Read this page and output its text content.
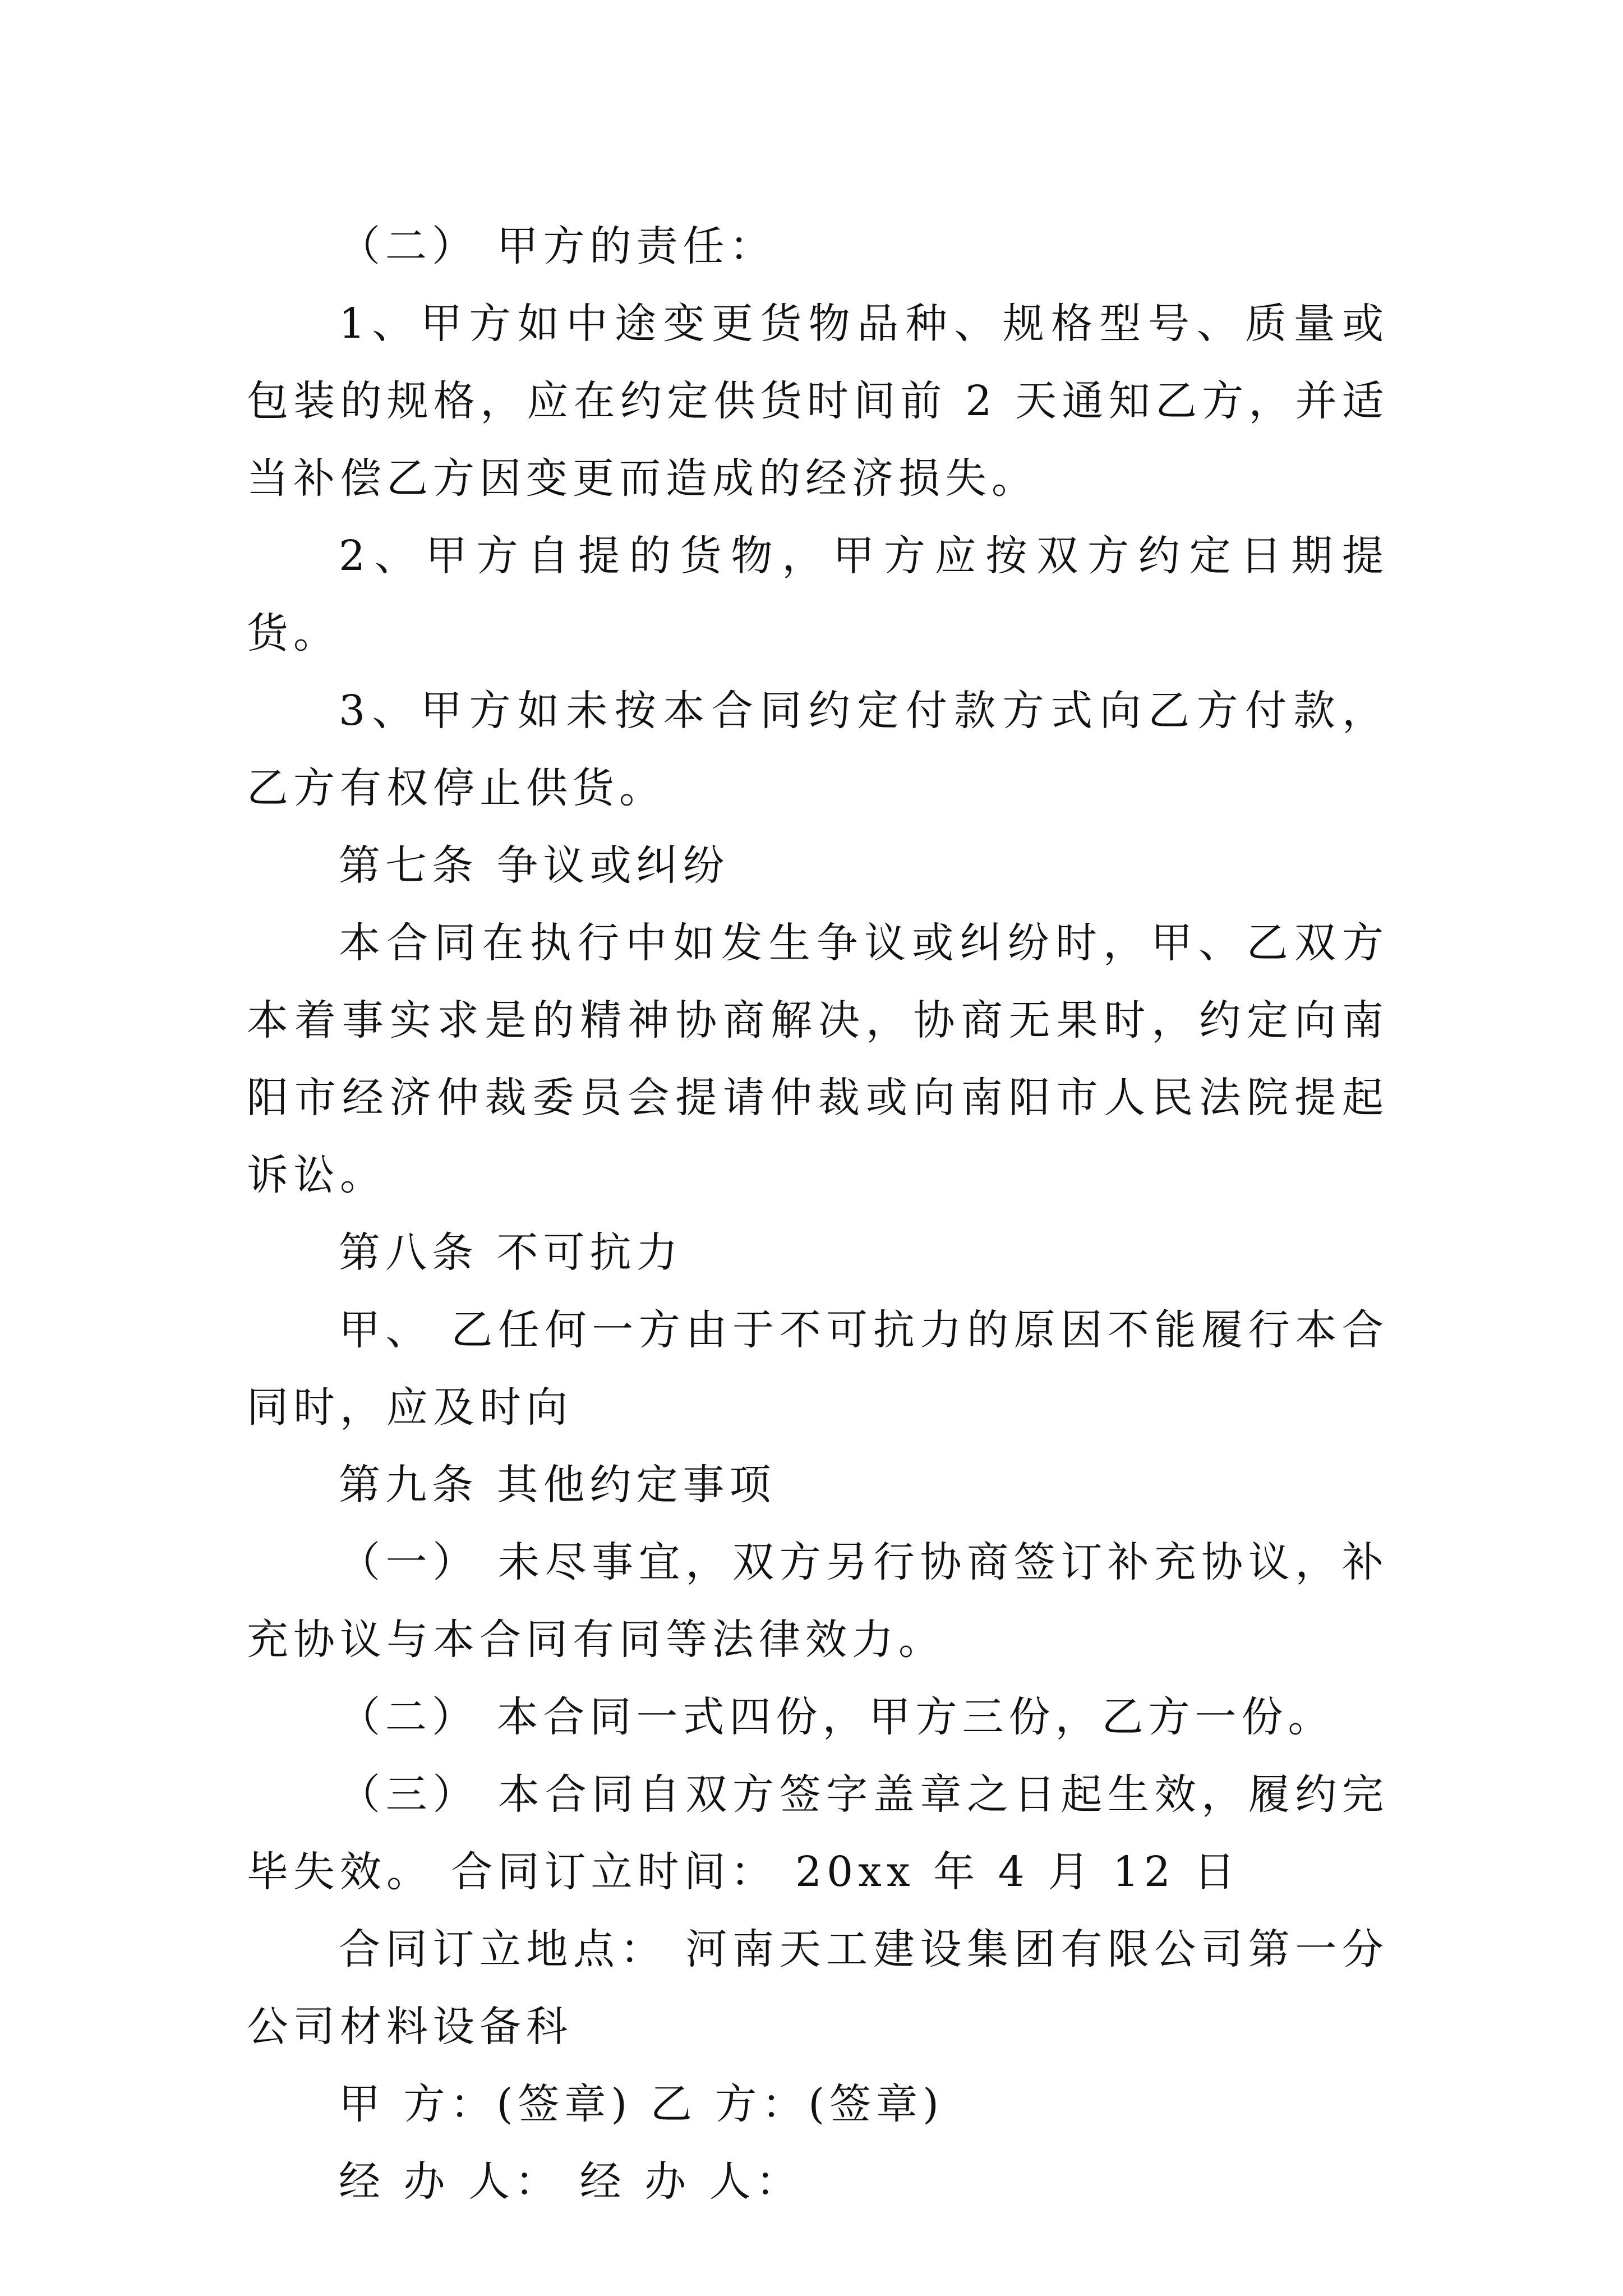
（二） 甲方的责任：

1、甲方如中途变更货物品种、规格型号、质量或包装的规格，应在约定供货时间前 2 天通知乙方，并适当补偿乙方因变更而造成的经济损失。

2、甲方自提的货物，甲方应按双方约定日期提货。

3、甲方如未按本合同约定付款方式向乙方付款，乙方有权停止供货。

第七条 争议或纠纷

本合同在执行中如发生争议或纠纷时，甲、乙双方本着事实求是的精神协商解决，协商无果时，约定向南阳市经济仲裁委员会提请仲裁或向南阳市人民法院提起诉讼。

第八条 不可抗力

甲、 乙任何一方由于不可抗力的原因不能履行本合同时，应及时向

第九条 其他约定事项

（一） 未尽事宜，双方另行协商签订补充协议，补充协议与本合同有同等法律效力。

（二） 本合同一式四份，甲方三份，乙方一份。

（三） 本合同自双方签字盖章之日起生效，履约完毕失效。 合同订立时间： 20xx 年 4 月 12 日

合同订立地点： 河南天工建设集团有限公司第一分公司材料设备科

甲 方：(签章) 乙 方：(签章)

经 办 人： 经 办 人：
